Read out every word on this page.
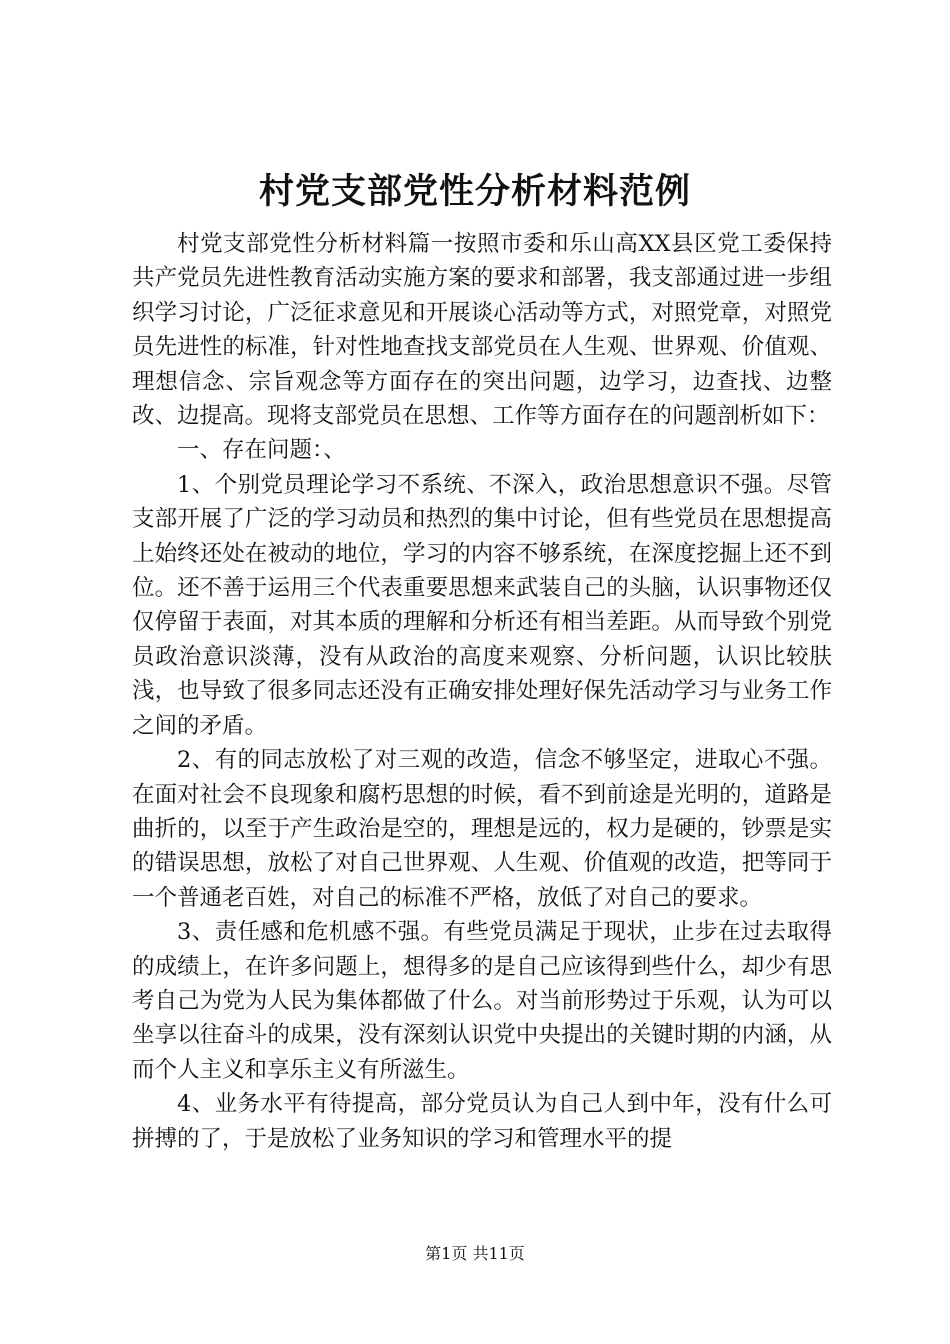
村党支部党性分析材料范例

村党支部党性分析材料篇一按照市委和乐山高XX县区党工委保持共产党员先进性教育活动实施方案的要求和部署，我支部通过进一步组织学习讨论，广泛征求意见和开展谈心活动等方式，对照党章，对照党员先进性的标准，针对性地查找支部党员在人生观、世界观、价值观、理想信念、宗旨观念等方面存在的突出问题，边学习，边查找、边整改、边提高。现将支部党员在思想、工作等方面存在的问题剖析如下：

一、存在问题：、

1、个别党员理论学习不系统、不深入，政治思想意识不强。尽管支部开展了广泛的学习动员和热烈的集中讨论，但有些党员在思想提高上始终还处在被动的地位，学习的内容不够系统，在深度挖掘上还不到位。还不善于运用三个代表重要思想来武装自己的头脑，认识事物还仅仅停留于表面，对其本质的理解和分析还有相当差距。从而导致个别党员政治意识淡薄，没有从政治的高度来观察、分析问题，认识比较肤浅，也导致了很多同志还没有正确安排处理好保先活动学习与业务工作之间的矛盾。

2、有的同志放松了对三观的改造，信念不够坚定，进取心不强。在面对社会不良现象和腐朽思想的时候，看不到前途是光明的，道路是曲折的，以至于产生政治是空的，理想是远的，权力是硬的，钞票是实的错误思想，放松了对自己世界观、人生观、价值观的改造，把等同于一个普通老百姓，对自己的标准不严格，放低了对自己的要求。

3、责任感和危机感不强。有些党员满足于现状，止步在过去取得的成绩上，在许多问题上，想得多的是自己应该得到些什么，却少有思考自己为党为人民为集体都做了什么。对当前形势过于乐观，认为可以坐享以往奋斗的成果，没有深刻认识党中央提出的关键时期的内涵，从而个人主义和享乐主义有所滋生。

4、业务水平有待提高，部分党员认为自己人到中年，没有什么可拼搏的了，于是放松了业务知识的学习和管理水平的提

第1页 共11页
